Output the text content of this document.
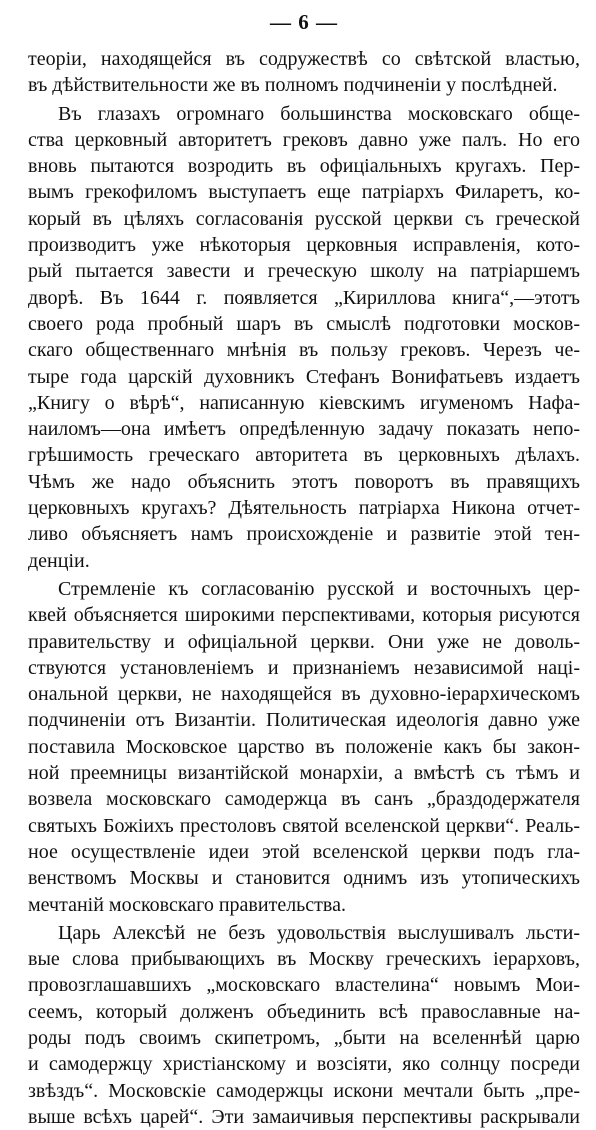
— 6 —
теоріи, находящейся въ содружествѣ со свѣтской властью,
въ дѣйствительности же въ полномъ подчиненіи у послѣдней.
Въ глазахъ огромнаго большинства московскаго обще-
ства церковный авторитетъ грековъ давно уже палъ. Но его
вновь пытаются возродить въ офиціальныхъ кругахъ. Пер-
вымъ грекофиломъ выступаетъ еще патріархъ Филаретъ, ко-
корый въ цѣляхъ согласованія русской церкви съ греческой
производитъ уже нѣкоторыя церковныя исправленія, кото-
рый пытается завести и греческую школу на патріаршемъ
дворѣ. Въ 1644 г. появляется „Кириллова книга“,—этотъ
своего рода пробный шаръ въ смыслѣ подготовки москов-
скаго общественнаго мнѣнія въ пользу грековъ. Черезъ че-
тыре года царскій духовникъ Стефанъ Вонифатьевъ издаетъ
„Книгу о вѣрѣ“, написанную кіевскимъ игуменомъ Нафа-
наиломъ—она имѣетъ опредѣленную задачу показать непо-
грѣшимость греческаго авторитета въ церковныхъ дѣлахъ.
Чѣмъ же надо объяснить этотъ поворотъ въ правящихъ
церковныхъ кругахъ? Дѣятельность патріарха Никона отчет-
ливо объясняетъ намъ происхожденіе и развитіе этой тен-
денціи.
Стремленіе къ согласованію русской и восточныхъ цер-
квей объясняется широкими перспективами, которыя рисуются
правительству и офиціальной церкви. Они уже не доволь-
ствуются установленіемъ и признаніемъ независимой наці-
ональной церкви, не находящейся въ духовно-іерархическомъ
подчиненіи отъ Византіи. Политическая идеологія давно уже
поставила Московское царство въ положеніе какъ бы закон-
ной преемницы византійской монархіи, а вмѣстѣ съ тѣмъ и
возвела московскаго самодержца въ санъ „браздодержателя
святыхъ Божіихъ престоловъ святой вселенской церкви“. Реаль-
ное осуществленіе идеи этой вселенской церкви подъ гла-
венствомъ Москвы и становится однимъ изъ утопическихъ
мечтаній московскаго правительства.
Царь Алексѣй не безъ удовольствія выслушивалъ льсти-
вые слова прибывающихъ въ Москву греческихъ іерарховъ,
провозглашавшихъ „московскаго властелина“ новымъ Мои-
сеемъ, который долженъ объединить всѣ православные на-
роды подъ своимъ скипетромъ, „быти на вселеннѣй царю
и самодержцу христіанскому и возсіяти, яко солнцу посреди
звѣздъ“. Московскіе самодержцы искони мечтали быть „пре-
выше всѣхъ царей“. Эти замаичивыя перспективы раскрывали
